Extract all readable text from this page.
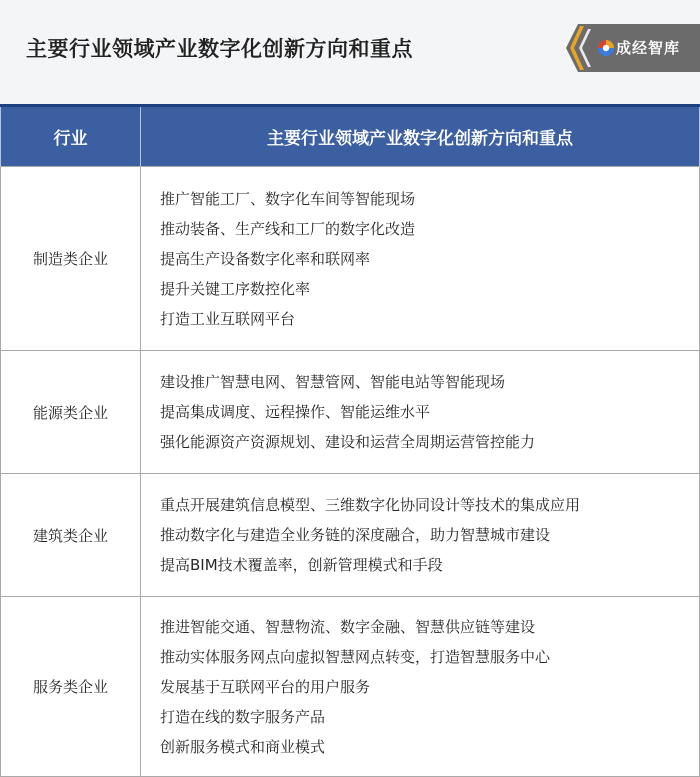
主要行业领域产业数字化创新方向和重点	成经智库
行业	主要行业领域产业数字化创新方向和重点
制造类企业	推广智能工厂、数字化车间等智能现场
推动装备、生产线和工厂的数字化改造
提高生产设备数字化率和联网率
提升关键工序数控化率
打造工业互联网平台

能源类企业	建设推广智慧电网、智慧管网、智能电站等智能现场
提高集成调度、远程操作、智能运维水平
强化能源资产资源规划、建设和运营全周期运营管控能力

建筑类企业	重点开展建筑信息模型、三维数字化协同设计等技术的集成应用
推动数字化与建造全业务链的深度融合，助力智慧城市建设
提高BIM技术覆盖率，创新管理模式和手段

服务类企业	推进智能交通、智慧物流、数字金融、智慧供应链等建设
推动实体服务网点向虚拟智慧网点转变，打造智慧服务中心
发展基于互联网平台的用户服务
打造在线的数字服务产品
创新服务模式和商业模式
